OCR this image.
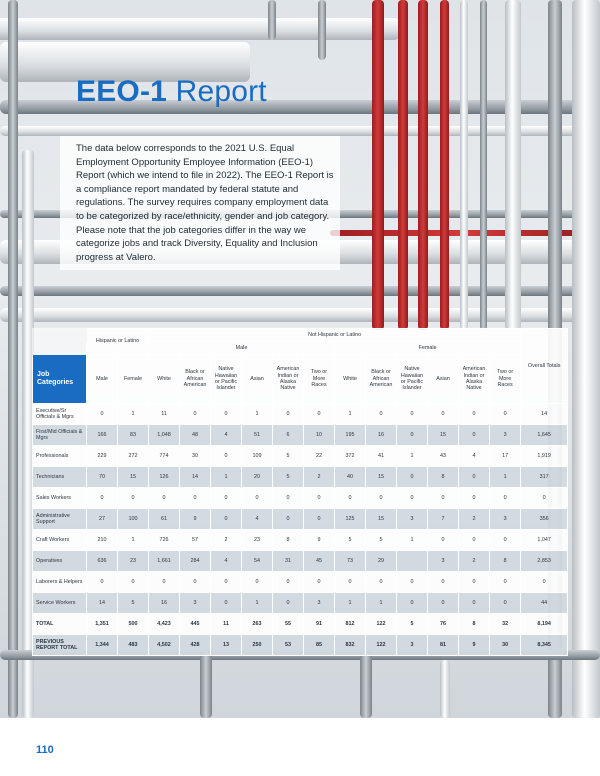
EEO-1 Report

The data below corresponds to the 2021 U.S. Equal Employment Opportunity Employee Information (EEO-1) Report (which we intend to file in 2022). The EEO-1 Report is a compliance report mandated by federal statute and regulations. The survey requires company employment data to be categorized by race/ethnicity, gender and job category. Please note that the job categories differ in the way we categorize jobs and track Diversity, Equality and Inclusion progress at Valero.

	Hispanic or Latino		Not Hispanic or Latino												Overall Totals
			Male						Female						
Job Categories	Male	Female	White	Black or African American	Native Hawaiian or Pacific Islander	Asian	American Indian or Alaska Native	Two or More Races	White	Black or African American	Native Hawaiian or Pacific Islander	Asian	American Indian or Alaska Native	Two or More Races	
Executive/Sr Officials & Mgrs	0	1	11	0	0	1	0	0	1	0	0	0	0	0	14
First/Mid Officials & Mgrs	166	83	1,048	48	4	51	6	10	195	16	0	15	0	3	1,645
Professionals	229	272	774	30	0	109	5	22	372	41	1	43	4	17	1,919
Technicians	70	15	126	14	1	20	5	2	40	15	0	8	0	1	317
Sales Workers	0	0	0	0	0	0	0	0	0	0	0	0	0	0	0
Administrative Support	27	100	61	9	0	4	0	0	125	15	3	7	2	3	356
Craft Workers	210	1	726	57	2	23	8	9	5	5	1	0	0	0	1,047
Operatives	636	23	1,661	284	4	54	31	45	73	29		3	2	8	2,853
Laborers & Helpers	0	0	0	0	0	0	0	0	0	0	0	0	0	0	0
Service Workers	14	5	16	3	0	1	0	3	1	1	0	0	0	0	44
TOTAL	1,351	500	4,423	445	11	263	55	91	812	122	5	76	8	32	8,194
PREVIOUS REPORT TOTAL	1,344	483	4,502	428	13	250	53	85	832	122	3	81	9	30	8,345

110
